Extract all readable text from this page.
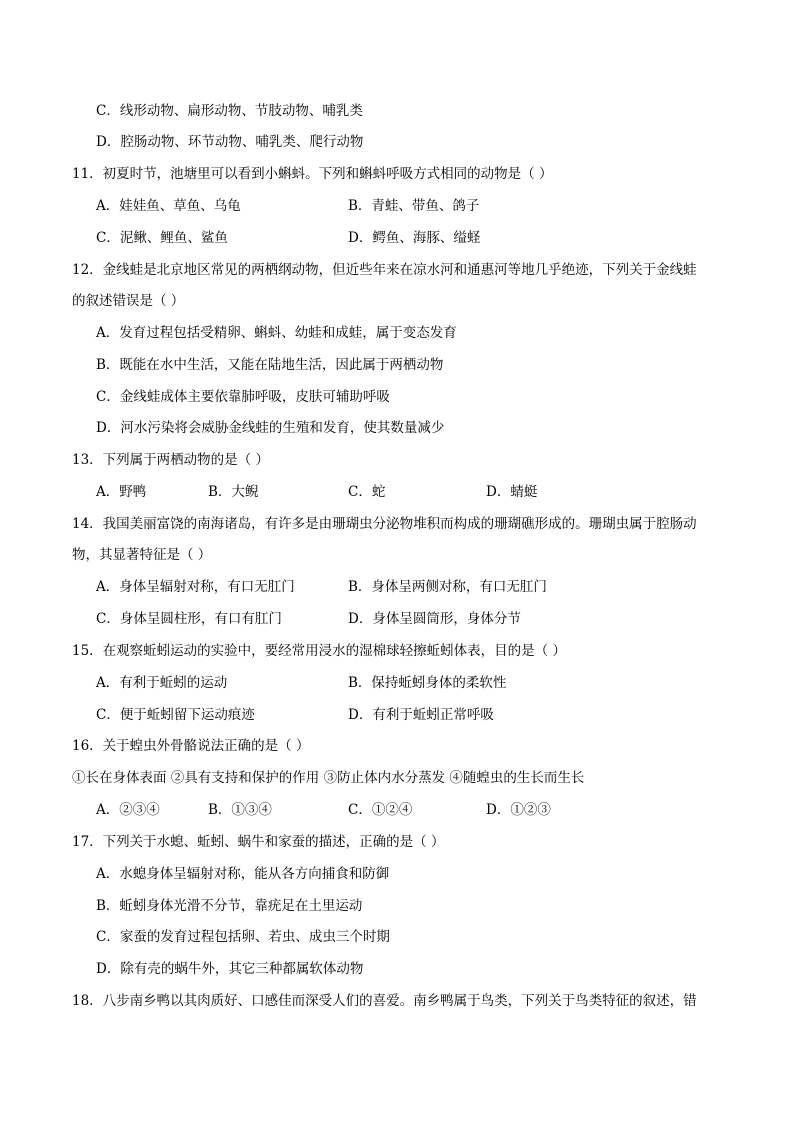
C．线形动物、扁形动物、节肢动物、哺乳类
D．腔肠动物、环节动物、哺乳类、爬行动物
11．初夏时节，池塘里可以看到小蝌蚪。下列和蝌蚪呼吸方式相同的动物是（ ）
A．娃娃鱼、草鱼、乌龟	B．青蛙、带鱼、鸽子
C．泥鳅、鲤鱼、鲨鱼	D．鳄鱼、海豚、缢蛏
12．金线蛙是北京地区常见的两栖纲动物，但近些年来在凉水河和通惠河等地几乎绝迹，下列关于金线蛙
的叙述错误是（ ）
A．发育过程包括受精卵、蝌蚪、幼蛙和成蛙，属于变态发育
B．既能在水中生活，又能在陆地生活，因此属于两栖动物
C．金线蛙成体主要依靠肺呼吸，皮肤可辅助呼吸
D．河水污染将会威胁金线蛙的生殖和发育，使其数量减少
13．下列属于两栖动物的是（ ）
A．野鸭	B．大鲵	C．蛇	D．蜻蜓
14．我国美丽富饶的南海诸岛，有许多是由珊瑚虫分泌物堆积而构成的珊瑚礁形成的。珊瑚虫属于腔肠动
物，其显著特征是（ ）
A．身体呈辐射对称，有口无肛门	B．身体呈两侧对称，有口无肛门
C．身体呈圆柱形，有口有肛门	D．身体呈圆筒形，身体分节
15．在观察蚯蚓运动的实验中，要经常用浸水的湿棉球轻擦蚯蚓体表，目的是（ ）
A．有利于蚯蚓的运动	B．保持蚯蚓身体的柔软性
C．便于蚯蚓留下运动痕迹	D．有利于蚯蚓正常呼吸
16．关于蝗虫外骨骼说法正确的是（ ）
①长在身体表面 ②具有支持和保护的作用 ③防止体内水分蒸发 ④随蝗虫的生长而生长
A．②③④	B．①③④	C．①②④	D．①②③
17．下列关于水螅、蚯蚓、蜗牛和家蚕的描述，正确的是（ ）
A．水螅身体呈辐射对称，能从各方向捕食和防御
B．蚯蚓身体光滑不分节，靠疣足在土里运动
C．家蚕的发育过程包括卵、若虫、成虫三个时期
D．除有壳的蜗牛外，其它三种都属软体动物
18．八步南乡鸭以其肉质好、口感佳而深受人们的喜爱。南乡鸭属于鸟类，下列关于鸟类特征的叙述，错
